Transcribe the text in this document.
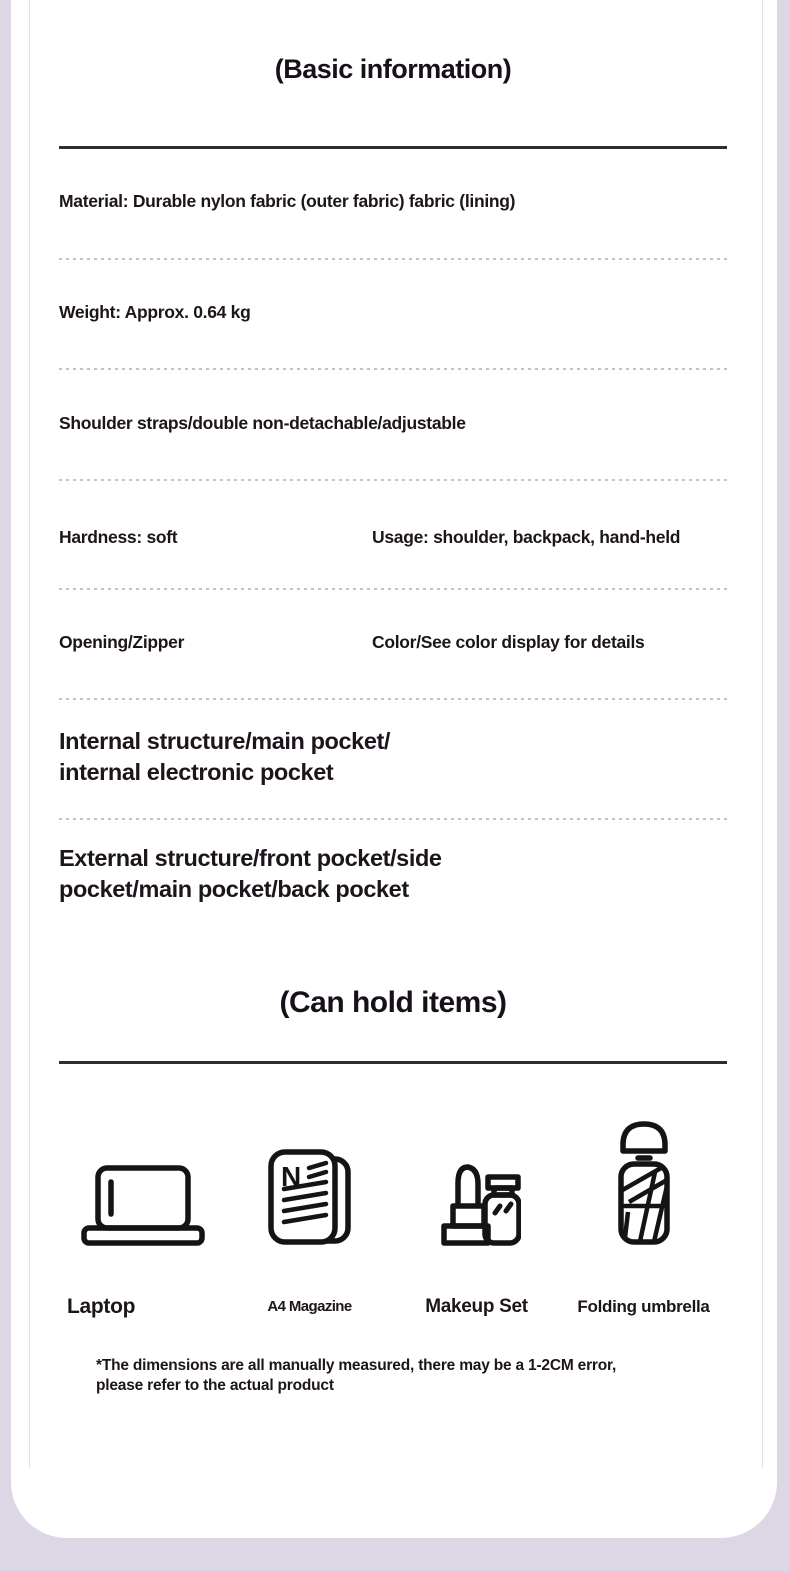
(Basic information)
Material: Durable nylon fabric (outer fabric) fabric (lining)
Weight: Approx. 0.64 kg
Shoulder straps/double non-detachable/adjustable
Hardness: soft	Usage: shoulder, backpack, hand-held
Opening/Zipper	Color/See color display for details
Internal structure/main pocket/
internal electronic pocket
External structure/front pocket/side
pocket/main pocket/back pocket
(Can hold items)
Laptop
N
A4 Magazine	Makeup Set	Folding umbrella
*The dimensions are all manually measured, there may be a 1-2CM error,
please refer to the actual product
